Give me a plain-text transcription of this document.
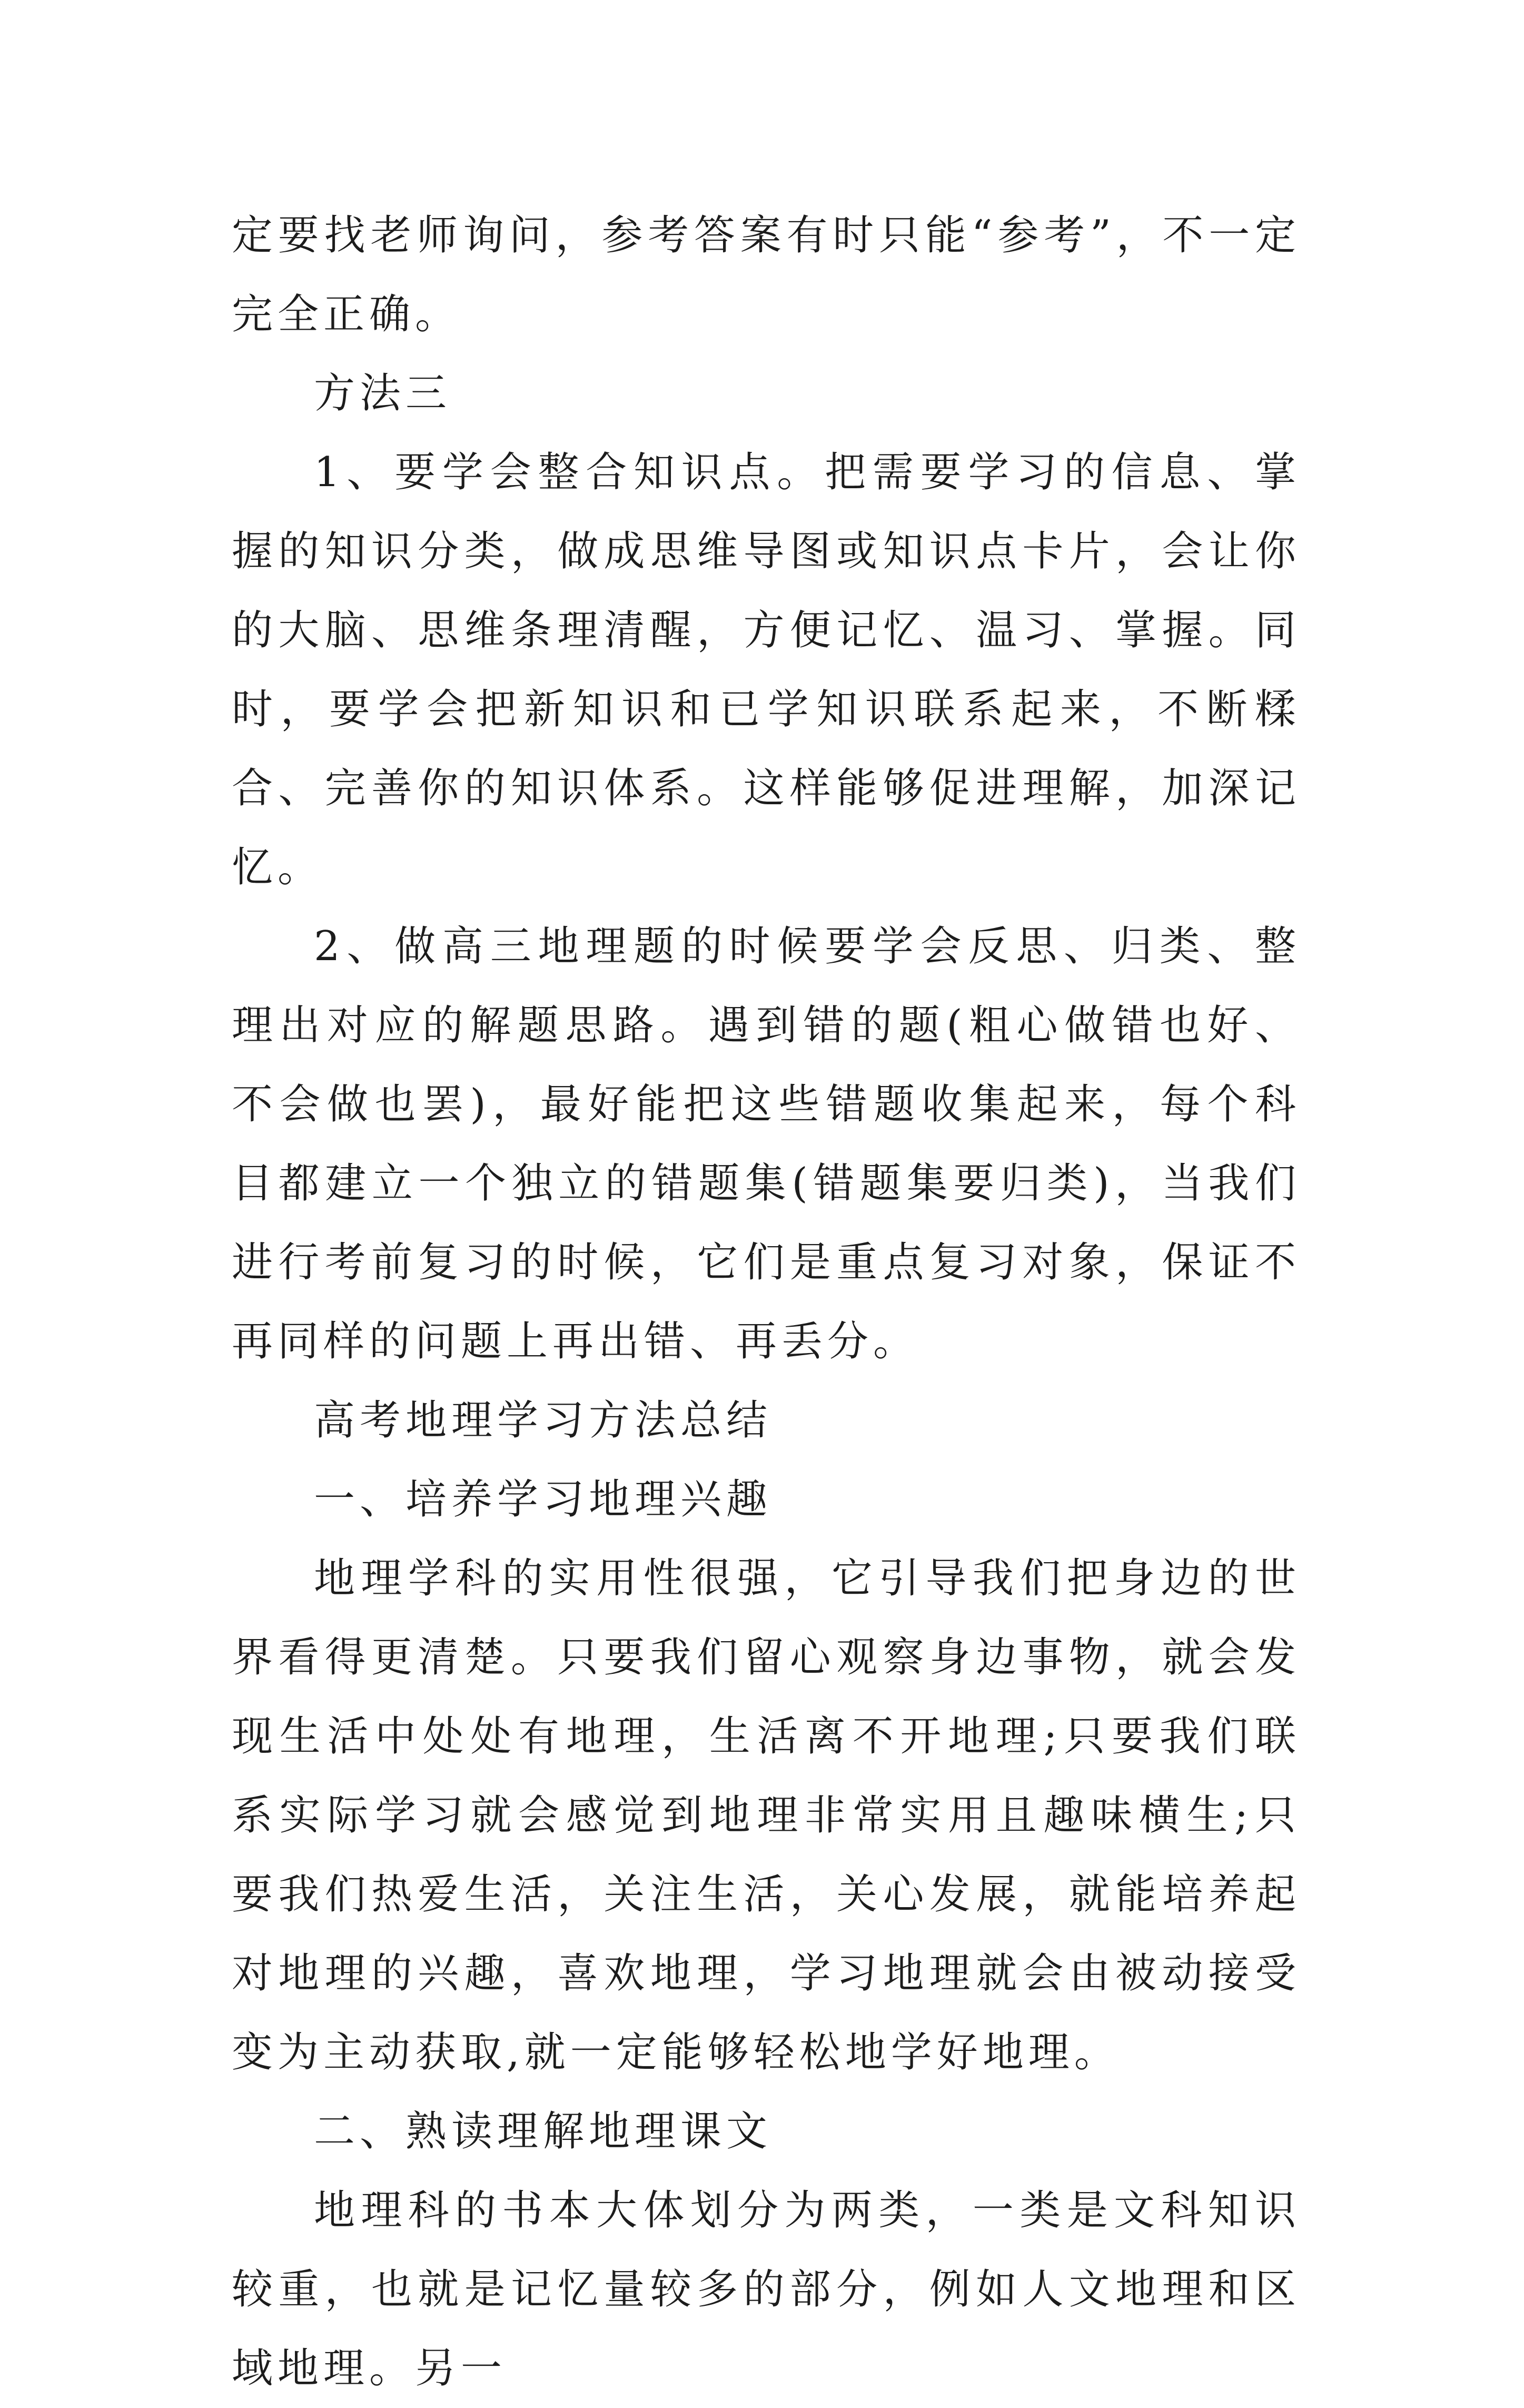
定要找老师询问，参考答案有时只能“参考”，不一定完全正确。

方法三

1、要学会整合知识点。把需要学习的信息、掌握的知识分类，做成思维导图或知识点卡片，会让你的大脑、思维条理清醒，方便记忆、温习、掌握。同时，要学会把新知识和已学知识联系起来，不断糅合、完善你的知识体系。这样能够促进理解，加深记忆。

2、做高三地理题的时候要学会反思、归类、整理出对应的解题思路。遇到错的题(粗心做错也好、不会做也罢)，最好能把这些错题收集起来，每个科目都建立一个独立的错题集(错题集要归类)，当我们进行考前复习的时候，它们是重点复习对象，保证不再同样的问题上再出错、再丢分。

高考地理学习方法总结

一、培养学习地理兴趣

地理学科的实用性很强，它引导我们把身边的世界看得更清楚。只要我们留心观察身边事物，就会发现生活中处处有地理，生活离不开地理;只要我们联系实际学习就会感觉到地理非常实用且趣味横生;只要我们热爱生活，关注生活，关心发展，就能培养起对地理的兴趣，喜欢地理，学习地理就会由被动接受变为主动获取,就一定能够轻松地学好地理。

二、熟读理解地理课文

地理科的书本大体划分为两类，一类是文科知识较重，也就是记忆量较多的部分，例如人文地理和区域地理。另一
